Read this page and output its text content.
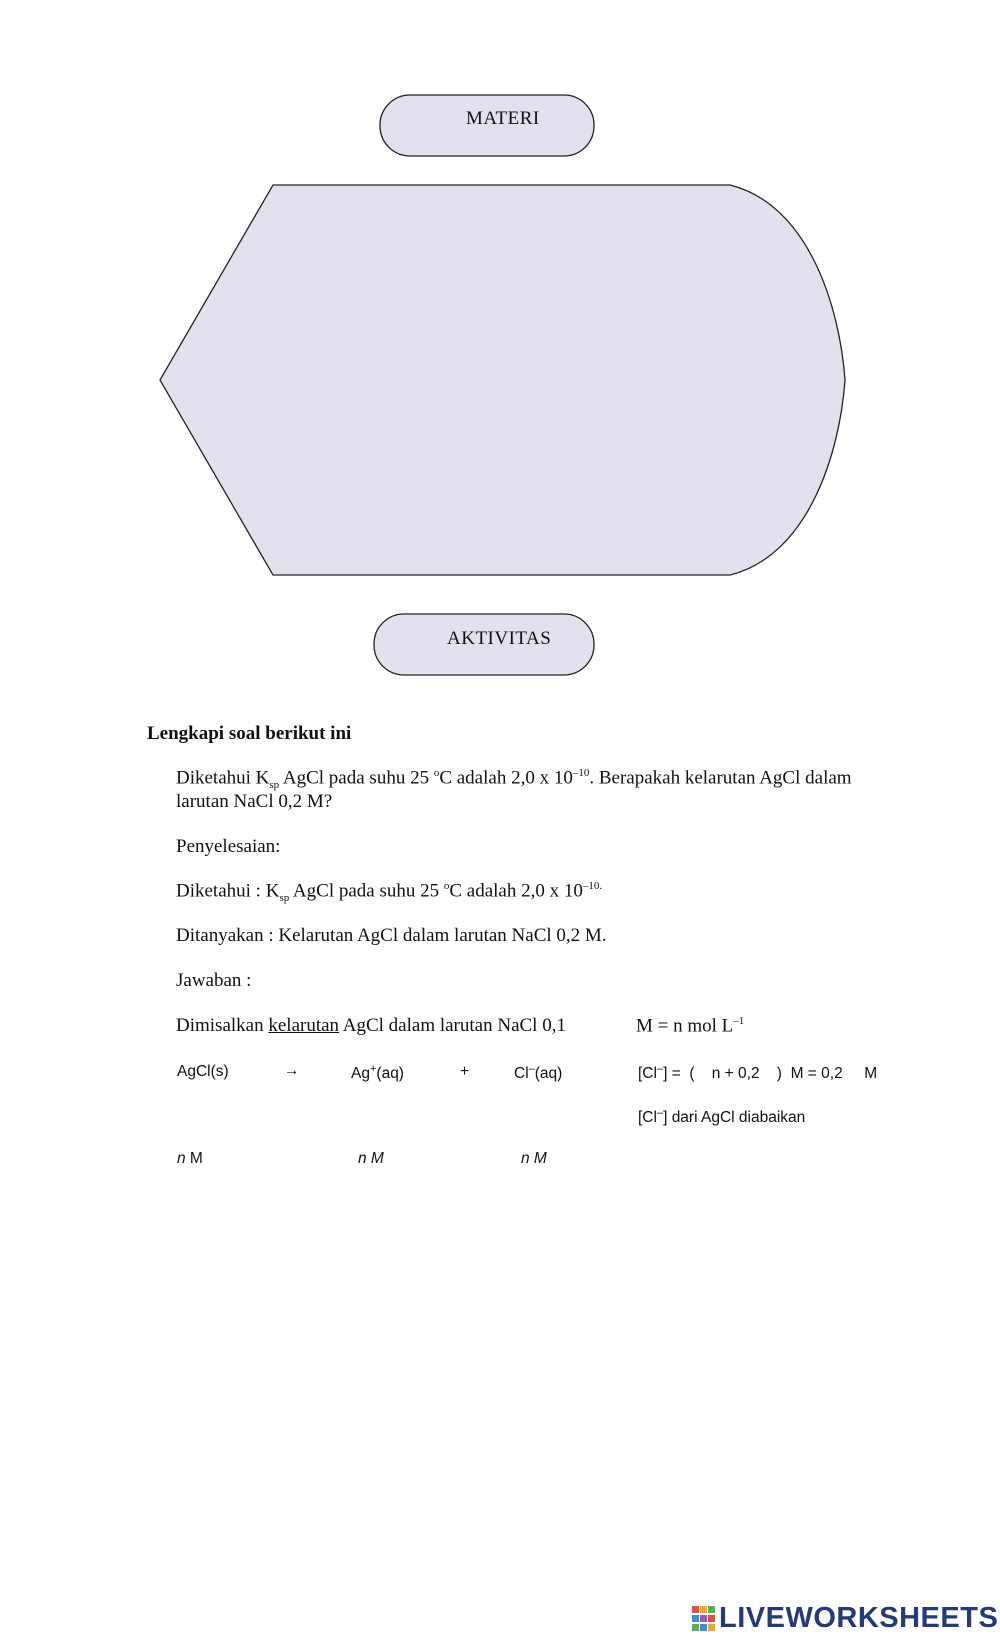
MATERI
AKTIVITAS
Lengkapi soal berikut ini
Diketahui $K_{sp}$ AgCl pada suhu 25 $^o$C adalah 2,0 x $10^{-10}$. Berapakah kelarutan AgCl dalam
larutan NaCl 0,2 M?
Penyelesaian:
Diketahui : $K_{sp}$ AgCl pada suhu 25 $^o$C adalah 2,0 x $10^{-10.}$
Ditanyakan : Kelarutan AgCl dalam larutan NaCl 0,2 M.
Jawaban :
Dimisalkan kelarutan AgCl dalam larutan NaCl 0,1	M = n mol $L^{-1}$
AgCl(s)	→	Ag+(aq)	+	Cl–(aq)	[Cl–] =  (    n + 0,2    )  M = 0,2     M
[Cl–] dari AgCl diabaikan
n M	n M	n M
LIVEWORKSHEETS
